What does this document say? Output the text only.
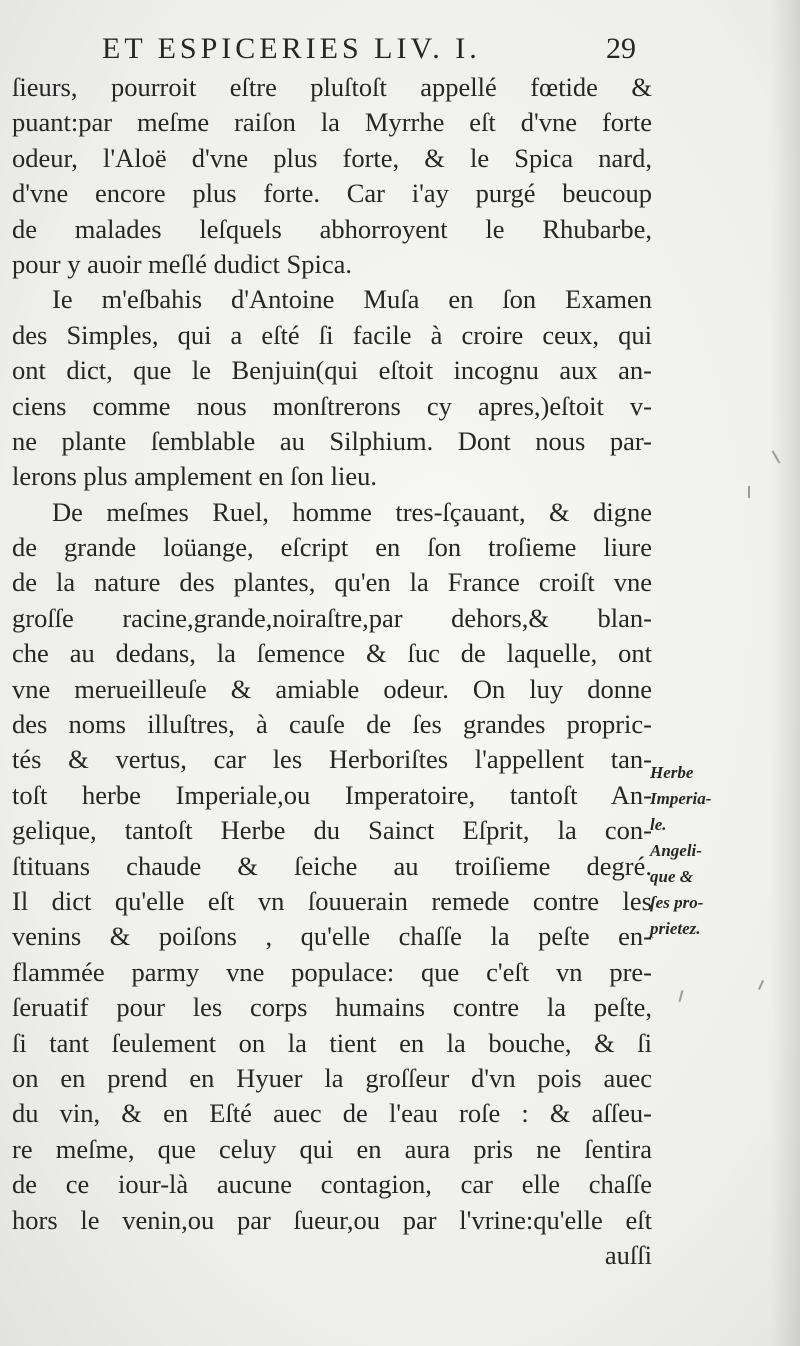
ET ESPICERIES LIV. I.	29
ſieurs, pourroit eſtre pluſtoſt appellé fœtide &
puant:par meſme raiſon la Myrrhe eſt d'vne forte
odeur, l'Aloë d'vne plus forte, & le Spica nard,
d'vne encore plus forte. Car i'ay purgé beucoup
de malades leſquels abhorroyent le Rhubarbe,
pour y auoir meſlé dudict Spica.
Ie m'eſbahis d'Antoine Muſa en ſon Examen
des Simples, qui a eſté ſi facile à croire ceux, qui
ont dict, que le Benjuin(qui eſtoit incognu aux an-
ciens comme nous monſtrerons cy apres,)eſtoit v-
ne plante ſemblable au Silphium. Dont nous par-
lerons plus amplement en ſon lieu.
De meſmes Ruel, homme tres-ſçauant, & digne
de grande loüange, eſcript en ſon troſieme liure
de la nature des plantes, qu'en la France croiſt vne
groſſe racine,grande,noiraſtre,par dehors,& blan-
che au dedans, la ſemence & ſuc de laquelle, ont
vne merueilleuſe & amiable odeur. On luy donne
des noms illuſtres, à cauſe de ſes grandes propric-
tés & vertus, car les Herboriſtes l'appellent tan-
toſt herbe Imperiale,ou Imperatoire, tantoſt An-
gelique, tantoſt Herbe du Sainct Eſprit, la con-
ſtituans chaude & ſeiche au troiſieme degré.
Il dict qu'elle eſt vn ſouuerain remede contre les
venins & poiſons , qu'elle chaſſe la peſte en-
flammée parmy vne populace: que c'eſt vn pre-
ſeruatif pour les corps humains contre la peſte,
ſi tant ſeulement on la tient en la bouche, & ſi
on en prend en Hyuer la groſſeur d'vn pois auec
du vin, & en Eſté auec de l'eau roſe : & aſſeu-
re meſme, que celuy qui en aura pris ne ſentira
de ce iour-là aucune contagion, car elle chaſſe
hors le venin,ou par ſueur,ou par l'vrine:qu'elle eſt
auſſi
Herbe
Imperia-
le.
Angeli-
que &
ſes pro-
prietez.
